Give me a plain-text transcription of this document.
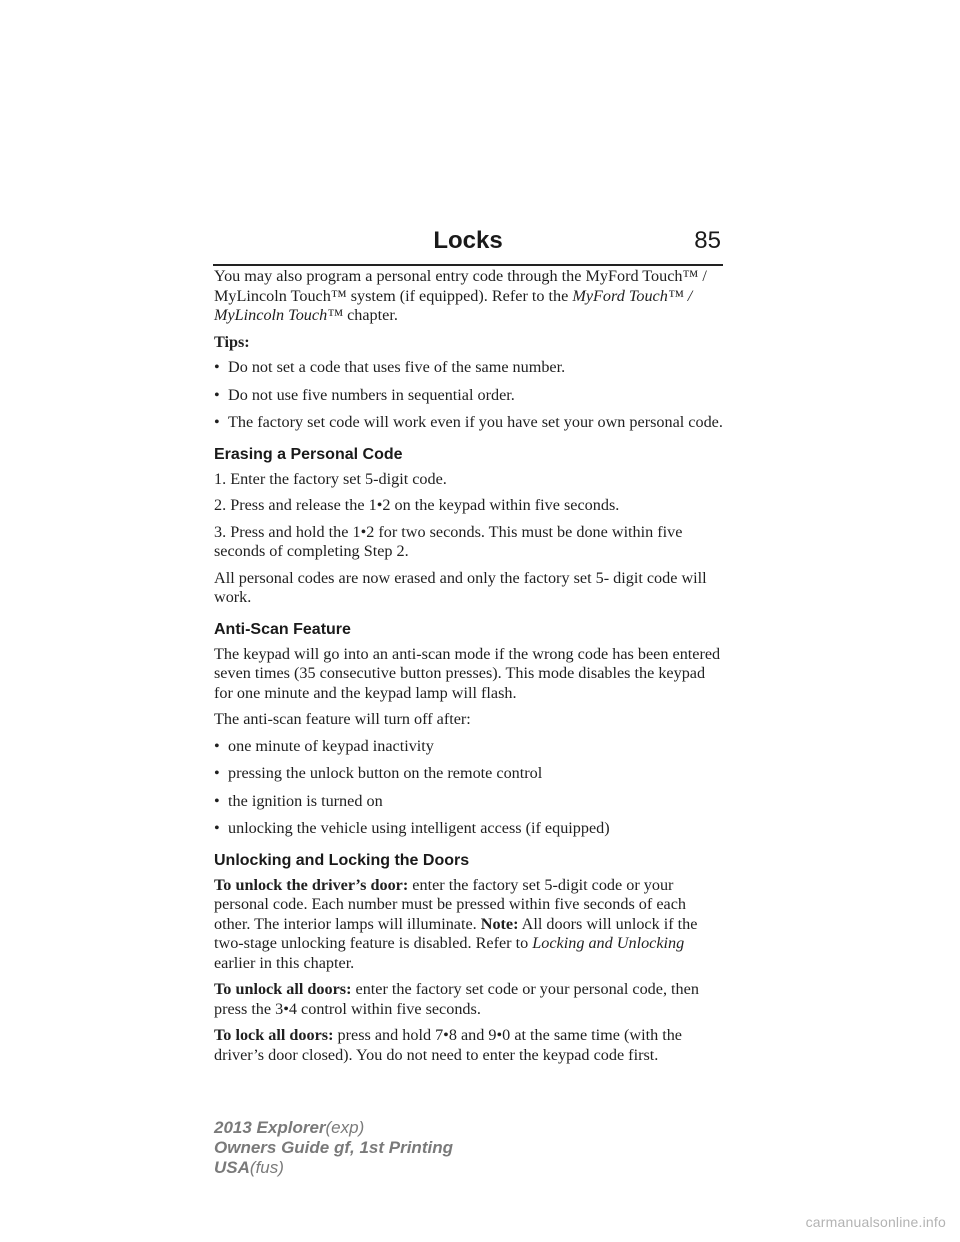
Locks	85

You may also program a personal entry code through the MyFord Touch™ / MyLincoln Touch™ system (if equipped). Refer to the MyFord Touch™ / MyLincoln Touch™ chapter.

Tips:

• Do not set a code that uses five of the same number.
• Do not use five numbers in sequential order.
• The factory set code will work even if you have set your own personal code.
Erasing a Personal Code

1. Enter the factory set 5-digit code.

2. Press and release the 1•2 on the keypad within five seconds.

3. Press and hold the 1•2 for two seconds. This must be done within five seconds of completing Step 2.

All personal codes are now erased and only the factory set 5- digit code will work.

Anti-Scan Feature

The keypad will go into an anti-scan mode if the wrong code has been entered seven times (35 consecutive button presses). This mode disables the keypad for one minute and the keypad lamp will flash.

The anti-scan feature will turn off after:

• one minute of keypad inactivity
• pressing the unlock button on the remote control
• the ignition is turned on
• unlocking the vehicle using intelligent access (if equipped)
Unlocking and Locking the Doors

To unlock the driver’s door: enter the factory set 5-digit code or your personal code. Each number must be pressed within five seconds of each other. The interior lamps will illuminate. Note: All doors will unlock if the two-stage unlocking feature is disabled. Refer to Locking and Unlocking earlier in this chapter.

To unlock all doors: enter the factory set code or your personal code, then press the 3•4 control within five seconds.

To lock all doors: press and hold 7•8 and 9•0 at the same time (with the driver’s door closed). You do not need to enter the keypad code first.

2013 Explorer(exp)
Owners Guide gf, 1st Printing
USA(fus)
carmanualsonline.info
